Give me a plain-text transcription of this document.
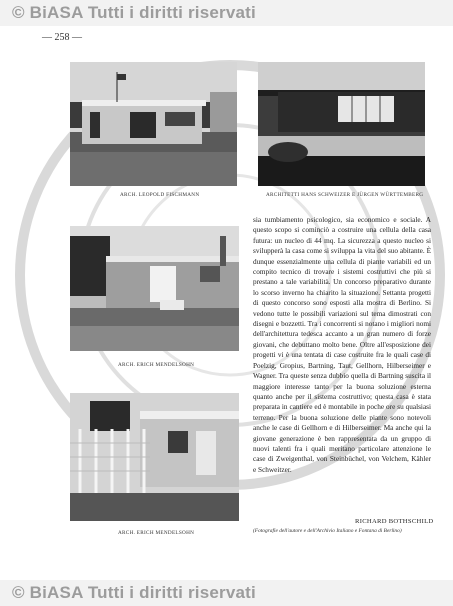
© BiASA Tutti i diritti riservati
— 258 —
ARCH. LEOPOLD FISCHMANN	ARCHITETTI HANS SCHWEIZER E JÜRGEN WÜRTTEMBERG
ARCH. ERICH MENDELSOHN
ARCH. ERICH MENDELSOHN

sia tumbiamento psicologico, sia economico e sociale. A questo scopo si cominciò a costruire una cellula della casa futura: un nucleo di 44 mq. La sicurezza a questo nucleo si svilupperà la casa come si sviluppa la vita del suo abitante. È dunque essenzialmente una cellula di piante variabili ed un compito tecnico di trovare i sistemi costruttivi che più si prestano a tale variabilità. Un concorso preparativo durante lo scorso inverno ha chiarito la situazione. Settanta progetti di questo concorso sono esposti alla mostra di Berlino. Si vedono tutte le possibili variazioni sul tema dimostrati con disegni e bozzetti. Tra i concorrenti si notano i migliori nomi dell'architettura tedesca accanto a un gran numero di forze giovani, che debuttano molto bene. Oltre all'esposizione dei progetti vi è una tentata di case costruite fra le quali case di Poelzig, Gropius, Bartning, Taut, Gellhorn, Hilberseimer e Wagner. Tra queste senza dubbio quella di Bartning suscita il maggiore interesse tanto per la buona soluzione esterna quanto anche per il sistema costruttivo; questa casa è stata preparata in cantiere ed è montabile in poche ore su qualsiasi terreno. Per la buona soluzione delle piante sono notevoli anche le case di Gellhorn e di Hilberseimer. Ma anche qui la giovane generazione è ben rappresentata da un gruppo di nuovi talenti fra i quali meritano particolare attenzione le case di Zweigenthal, von Steinbüchel, von Velchem, Kähler e Schweitzer.

RICHARD BOTHSCHILD
(Fotografie dell'autore e dell'Archivio Italiano e Fontana di Berlino)
© BiASA Tutti i diritti riservati
